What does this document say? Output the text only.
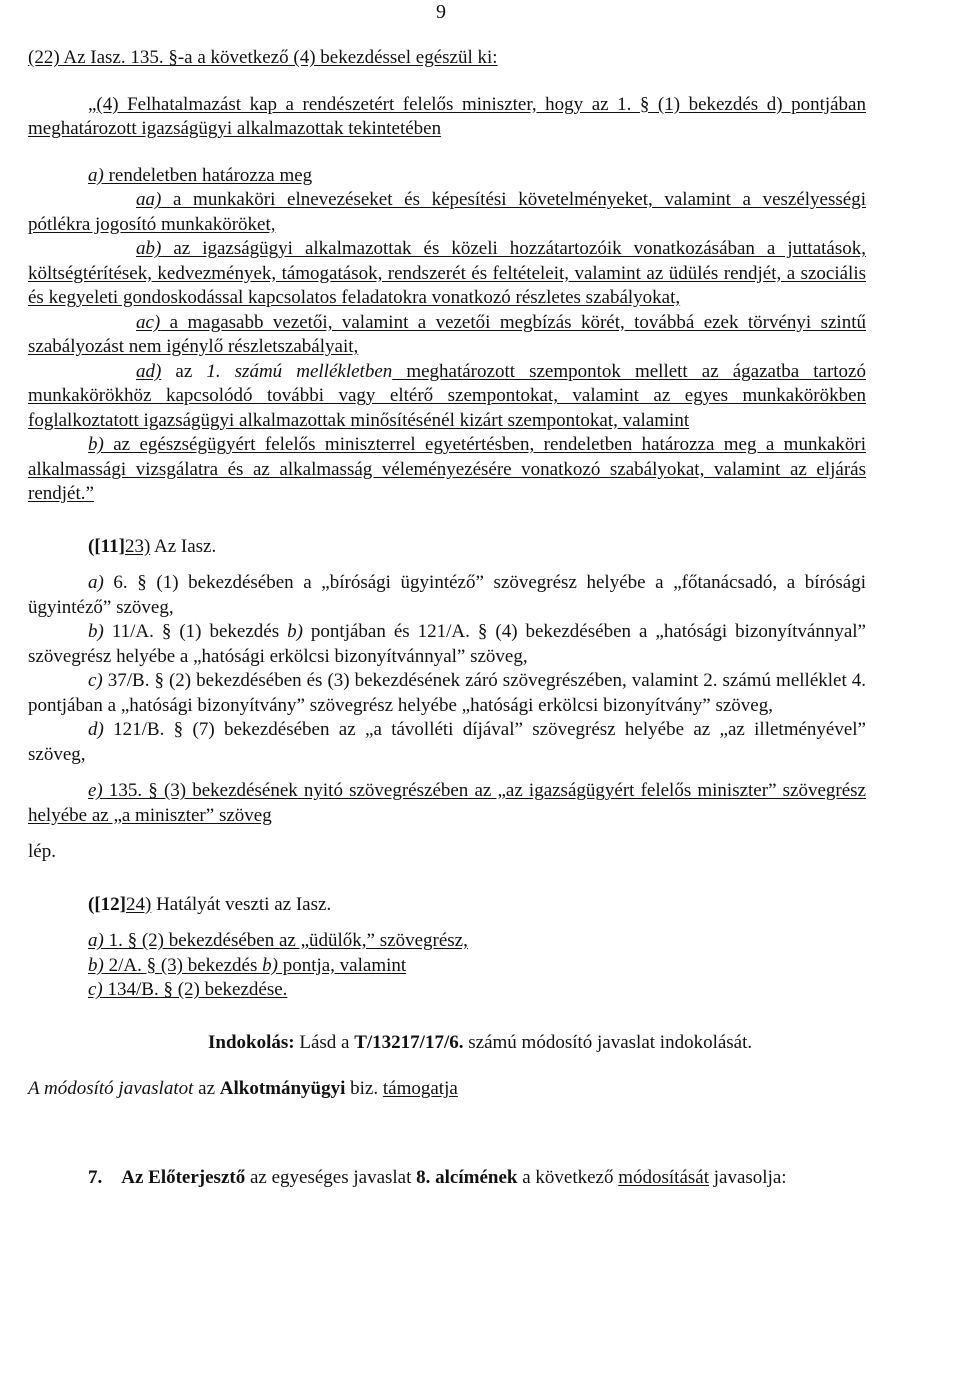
9

(22) Az Iasz. 135. §-a a következő (4) bekezdéssel egészül ki:

„(4) Felhatalmazást kap a rendészetért felelős miniszter, hogy az 1. § (1) bekezdés d) pontjában meghatározott igazságügyi alkalmazottak tekintetében

a) rendeletben határozza meg

aa) a munkaköri elnevezéseket és képesítési követelményeket, valamint a veszélyességi pótlékra jogosító munkaköröket,

ab) az igazságügyi alkalmazottak és közeli hozzátartozóik vonatkozásában a juttatások, költségtérítések, kedvezmények, támogatások, rendszerét és feltételeit, valamint az üdülés rendjét, a szociális és kegyeleti gondoskodással kapcsolatos feladatokra vonatkozó részletes szabályokat,

ac) a magasabb vezetői, valamint a vezetői megbízás körét, továbbá ezek törvényi szintű szabályozást nem igénylő részletszabályait,

ad) az 1. számú mellékletben meghatározott szempontok mellett az ágazatba tartozó munkakörökhöz kapcsolódó további vagy eltérő szempontokat, valamint az egyes munkakörökben foglalkoztatott igazságügyi alkalmazottak minősítésénél kizárt szempontokat, valamint

b) az egészségügyért felelős miniszterrel egyetértésben, rendeletben határozza meg a munkaköri alkalmassági vizsgálatra és az alkalmasság véleményezésére vonatkozó szabályokat, valamint az eljárás rendjét.”

([11]23) Az Iasz.

a) 6. § (1) bekezdésében a „bírósági ügyintéző” szövegrész helyébe a „főtanácsadó, a bírósági ügyintéző” szöveg,

b) 11/A. § (1) bekezdés b) pontjában és 121/A. § (4) bekezdésében a „hatósági bizonyítvánnyal” szövegrész helyébe a „hatósági erkölcsi bizonyítvánnyal” szöveg,

c) 37/B. § (2) bekezdésében és (3) bekezdésének záró szövegrészében, valamint 2. számú melléklet 4. pontjában a „hatósági bizonyítvány” szövegrész helyébe „hatósági erkölcsi bizonyítvány” szöveg,

d) 121/B. § (7) bekezdésében az „a távolléti díjával” szövegrész helyébe az „az illetményével” szöveg,

e) 135. § (3) bekezdésének nyitó szövegrészében az „az igazságügyért felelős miniszter” szövegrész helyébe az „a miniszter” szöveg

lép.

([12]24) Hatályát veszti az Iasz.

a) 1. § (2) bekezdésében az „üdülők,” szövegrész,

b) 2/A. § (3) bekezdés b) pontja, valamint

c) 134/B. § (2) bekezdése.

Indokolás: Lásd a T/13217/17/6. számú módosító javaslat indokolását.

A módosító javaslatot az Alkotmányügyi biz. támogatja

7. Az Előterjesztő az egyeséges javaslat 8. alcímének a következő módosítását javasolja:
